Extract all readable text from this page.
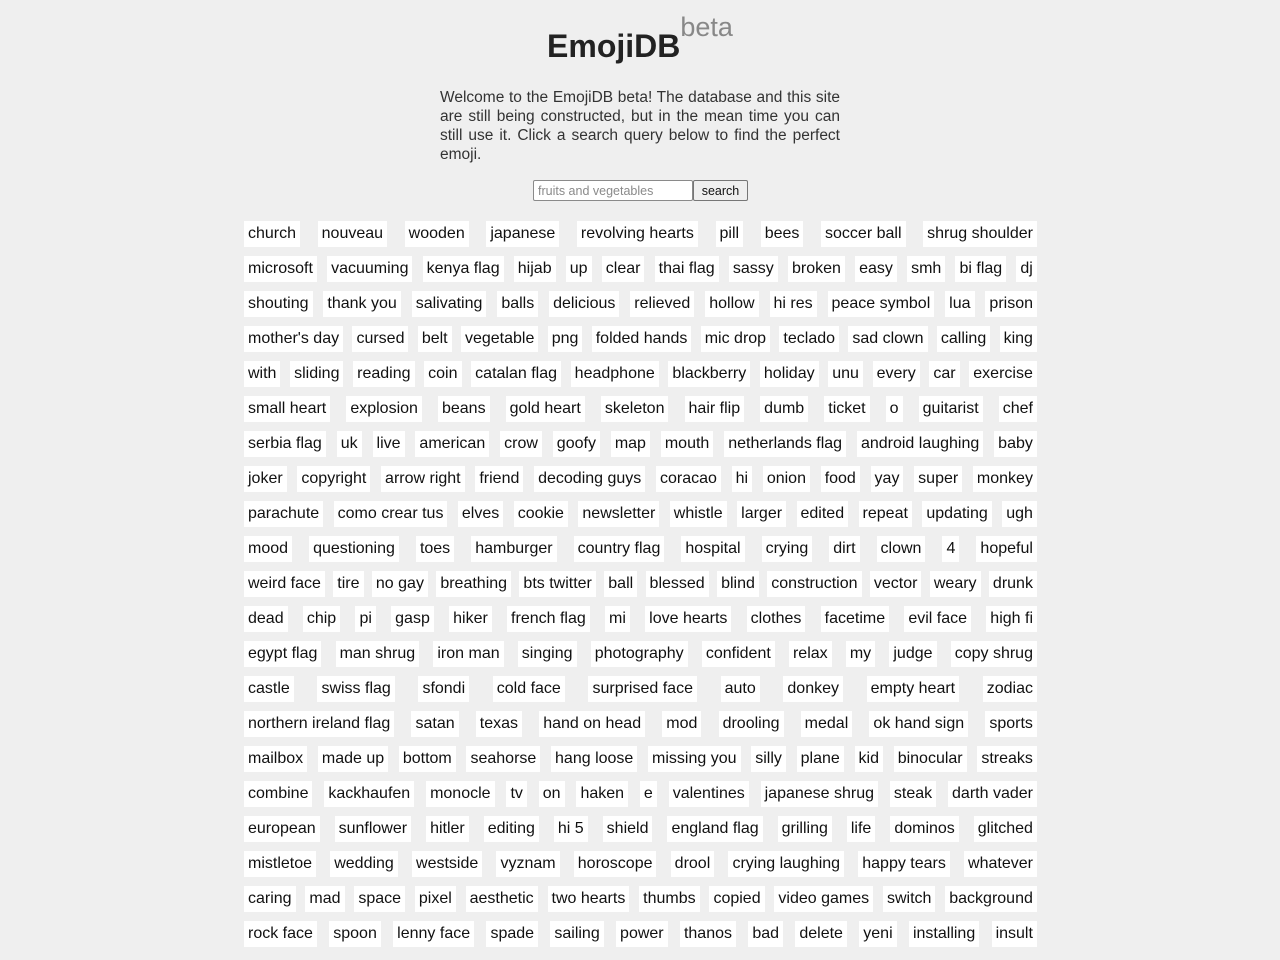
EmojiDBbeta

Welcome to the EmojiDB beta! The database and this site are still being constructed, but in the mean time you can still use it. Click a search query below to find the perfect emoji.

fruits and vegetables
search
church nouveau wooden japanese revolving hearts pill bees soccer ball shrug shoulder
microsoft vacuuming kenya flag hijab up clear thai flag sassy broken easy smh bi flag dj
shouting thank you salivating balls delicious relieved hollow hi res peace symbol lua prison
mother's day cursed belt vegetable png folded hands mic drop teclado sad clown calling king
with sliding reading coin catalan flag headphone blackberry holiday unu every car exercise
small heart explosion beans gold heart skeleton hair flip dumb ticket o guitarist chef
serbia flag uk live american crow goofy map mouth netherlands flag android laughing baby
joker copyright arrow right friend decoding guys coracao hi onion food yay super monkey
parachute como crear tus elves cookie newsletter whistle larger edited repeat updating ugh
mood questioning toes hamburger country flag hospital crying dirt clown 4 hopeful
weird face tire no gay breathing bts twitter ball blessed blind construction vector weary drunk
dead chip pi gasp hiker french flag mi love hearts clothes facetime evil face high fi
egypt flag man shrug iron man singing photography confident relax my judge copy shrug
castle swiss flag sfondi cold face surprised face auto donkey empty heart zodiac
northern ireland flag satan texas hand on head mod drooling medal ok hand sign sports
mailbox made up bottom seahorse hang loose missing you silly plane kid binocular streaks
combine kackhaufen monocle tv on haken e valentines japanese shrug steak darth vader
european sunflower hitler editing hi 5 shield england flag grilling life dominos glitched
mistletoe wedding westside vyznam horoscope drool crying laughing happy tears whatever
caring mad space pixel aesthetic two hearts thumbs copied video games switch background
rock face spoon lenny face spade sailing power thanos bad delete yeni installing insult
